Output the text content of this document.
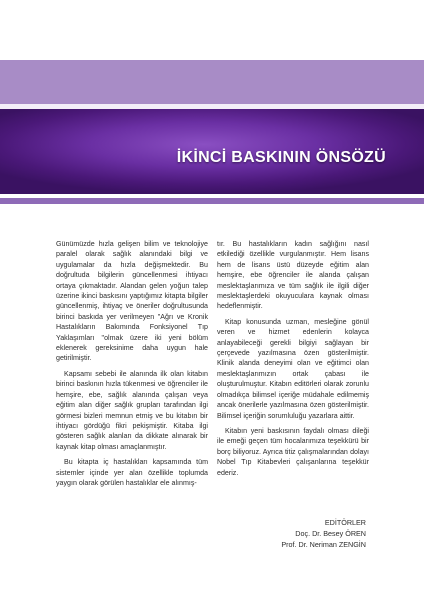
İKİNCİ BASKININ ÖNSÖZÜ

Günümüzde hızla gelişen bilim ve teknolojiye paralel olarak sağlık alanındaki bilgi ve uygulamalar da hızla değişmektedir. Bu doğrultuda bilgilerin güncellenmesi ihtiyacı ortaya çıkmaktadır. Alandan gelen yoğun talep üzerine ikinci baskısını yaptığımız kitapta bilgiler güncellenmiş, ihtiyaç ve öneriler doğrultusunda birinci baskıda yer verilmeyen "Ağrı ve Kronik Hastalıkların Bakımında Fonksiyonel Tıp Yaklaşımları "olmak üzere iki yeni bölüm eklenerek gereksinime daha uygun hale getirilmiştir.

Kapsamı sebebi ile alanında ilk olan kitabın birinci baskının hızla tükenmesi ve öğrenciler ile hemşire, ebe, sağlık alanında çalışan veya eğitim alan diğer sağlık grupları tarafından ilgi görmesi bizleri memnun etmiş ve bu kitabın bir ihtiyacı gördüğü fikri pekişmiştir. Kitaba ilgi gösteren sağlık alanları da dikkate alınarak bir kaynak kitap olması amaçlanmıştır.

Bu kitapta iç hastalıkları kapsamında tüm sistemler içinde yer alan özellikle toplumda yaygın olarak görülen hastalıklar ele alınmış-

tır. Bu hastalıkların kadın sağlığını nasıl etkilediği özellikle vurgulanmıştır. Hem lisans hem de lisans üstü düzeyde eğitim alan hemşire, ebe öğrenciler ile alanda çalışan meslektaşlarımıza ve tüm sağlık ile ilgili diğer meslektaşlerdeki okuyuculara kaynak olması hedeflenmiştir.

Kitap konusunda uzman, mesleğine gönül veren ve hizmet edenlerin kolayca anlayabileceği gerekli bilgiyi sağlayan bir çerçevede yazılmasına özen gösterilmiştir. Klinik alanda deneyimi olan ve eğitimci olan meslektaşlarımızın ortak çabası ile oluşturulmuştur. Kitabın editörleri olarak zorunlu olmadıkça bilimsel içeriğe müdahale edilmemiş ancak önerilerle yazılmasına özen gösterilmiştir. Bilimsel içeriğin sorumluluğu yazarlara aittir.

Kitabın yeni baskısının faydalı olması dileği ile emeği geçen tüm hocalarımıza teşekkürü bir borç biliyoruz. Ayrıca titiz çalışmalarından dolayı Nobel Tıp Kitabevleri çalışanlarına teşekkür ederiz.

EDİTÖRLER
Doç. Dr. Besey ÖREN
Prof. Dr. Neriman ZENGİN
